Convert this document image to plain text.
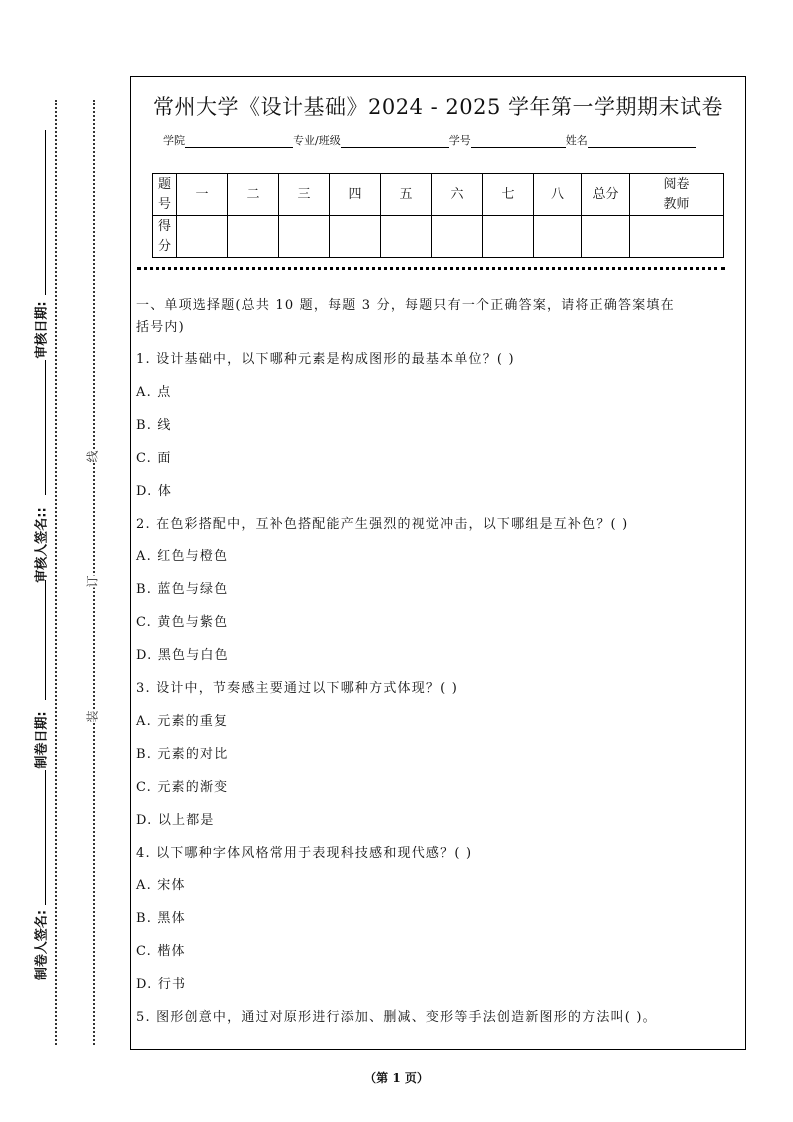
审核日期:
审核人签名::
制卷日期:
制卷人签名:
线
订
装
常州大学《设计基础》2024 - 2025 学年第一学期期末试卷
学院	专业/班级	学号	姓名
题号	一	二	三	四	五	六	七	八	总分	阅卷教师
得分										
一、单项选择题(总共 10 题，每题 3 分，每题只有一个正确答案，请将正确答案填在
括号内)
1. 设计基础中，以下哪种元素是构成图形的最基本单位？( )
A. 点
B. 线
C. 面
D. 体
2. 在色彩搭配中，互补色搭配能产生强烈的视觉冲击，以下哪组是互补色？( )
A. 红色与橙色
B. 蓝色与绿色
C. 黄色与紫色
D. 黑色与白色
3. 设计中，节奏感主要通过以下哪种方式体现？( )
A. 元素的重复
B. 元素的对比
C. 元素的渐变
D. 以上都是
4. 以下哪种字体风格常用于表现科技感和现代感？( )
A. 宋体
B. 黑体
C. 楷体
D. 行书
5. 图形创意中，通过对原形进行添加、删减、变形等手法创造新图形的方法叫( )。
（第 1 页）
